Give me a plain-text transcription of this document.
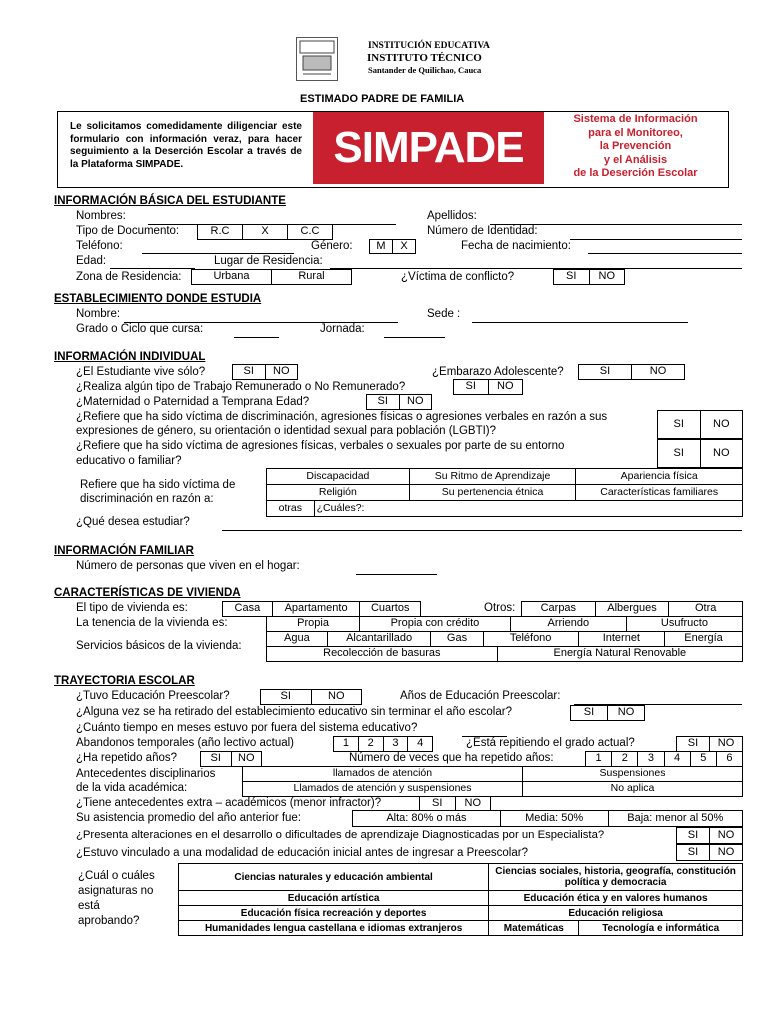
INSTITUCIÓN EDUCATIVA
INSTITUTO TÉCNICO
Santander de Quilichao, Cauca
ESTIMADO PADRE DE FAMILIA
Le solicitamos comedidamente diligenciar este formulario con información veraz, para hacer seguimiento a la Deserción Escolar a través de la Plataforma SIMPADE.	SIMPADE
Sistema de Información
para el Monitoreo,
la Prevención
y el Análisis
de la Deserción Escolar
INFORMACIÓN BÁSICA DEL ESTUDIANTE
Nombres:	Apellidos:
Tipo de Documento:	R.C	X	C.C	Número de Identidad:
Teléfono:	Género:	M	X	Fecha de nacimiento:
Edad:	Lugar de Residencia:
Zona de Residencia:	Urbana	Rural	¿Víctima de conflicto?	SI	NO
ESTABLECIMIENTO DONDE ESTUDIA
Nombre:	Sede :
Grado o Ciclo que cursa:	Jornada:
INFORMACIÓN INDIVIDUAL
¿El Estudiante vive sólo?	SI	NO	¿Embarazo Adolescente?	SI	NO
¿Realiza algún tipo de Trabajo Remunerado o No Remunerado?	SI	NO
¿Maternidad o Paternidad a Temprana Edad?	SI	NO
¿Refiere que ha sido víctima de discriminación, agresiones físicas o agresiones verbales en razón a sus
expresiones de género, su orientación o identidad sexual para población (LGBTI)?
SI	NO
¿Refiere que ha sido víctima de agresiones físicas, verbales o sexuales por parte de su entorno
educativo o familiar?
SI	NO
Refiere que ha sido víctima de
discriminación en razón a:
Discapacidad		Su Ritmo de Aprendizaje	Apariencia física
Religión		Su pertenencia étnica	Características familiares
otras	¿Cuáles?:		
¿Qué desea estudiar?
INFORMACIÓN FAMILIAR
Número de personas que viven en el hogar:
CARACTERÍSTICAS DE VIVIENDA
El tipo de vivienda es:	Casa	Apartamento	Cuartos	Otros:	Carpas	Albergues	Otra
La tenencia de la vivienda es:	Propia	Propia con crédito	Arriendo	Usufructo
Servicios básicos de la vivienda:
Agua	Alcantarillado	Gas	Teléfono	Internet	Energía
Recolección de basuras	Energía Natural Renovable
TRAYECTORIA ESCOLAR
¿Tuvo Educación Preescolar?	SI	NO	Años de Educación Preescolar:
¿Alguna vez se ha retirado del establecimiento educativo sin terminar el año escolar?	SI	NO
¿Cuánto tiempo en meses estuvo por fuera del sistema educativo?
Abandonos temporales (año lectivo actual)	1	2	3	4	¿Está repitiendo el grado actual?	SI	NO
¿Ha repetido años?	SI	NO	Número de veces que ha repetido años:	1	2	3	4	5	6
Antecedentes disciplinarios
de la vida académica:
llamados de atención	Suspensiones
Llamados de atención y suspensiones	No aplica
¿Tiene antecedentes extra – académicos (menor infractor)?	SI	NO
Su asistencia promedio del año anterior fue:	Alta: 80% o más	Media: 50%	Baja: menor al 50%
¿Presenta alteraciones en el desarrollo o dificultades de aprendizaje Diagnosticadas por un Especialista?	SI	NO
¿Estuvo vinculado a una modalidad de educación inicial antes de ingresar a Preescolar?	SI	NO
¿Cuál o cuáles
asignaturas no
está
aprobando?
Ciencias naturales y educación ambiental	Ciencias sociales, historia, geografía, constitución política y democracia	
Educación artística	Educación ética y en valores humanos	
Educación física recreación y deportes	Educación religiosa	
Humanidades lengua castellana e idiomas extranjeros	Matemáticas	Tecnología e informática
